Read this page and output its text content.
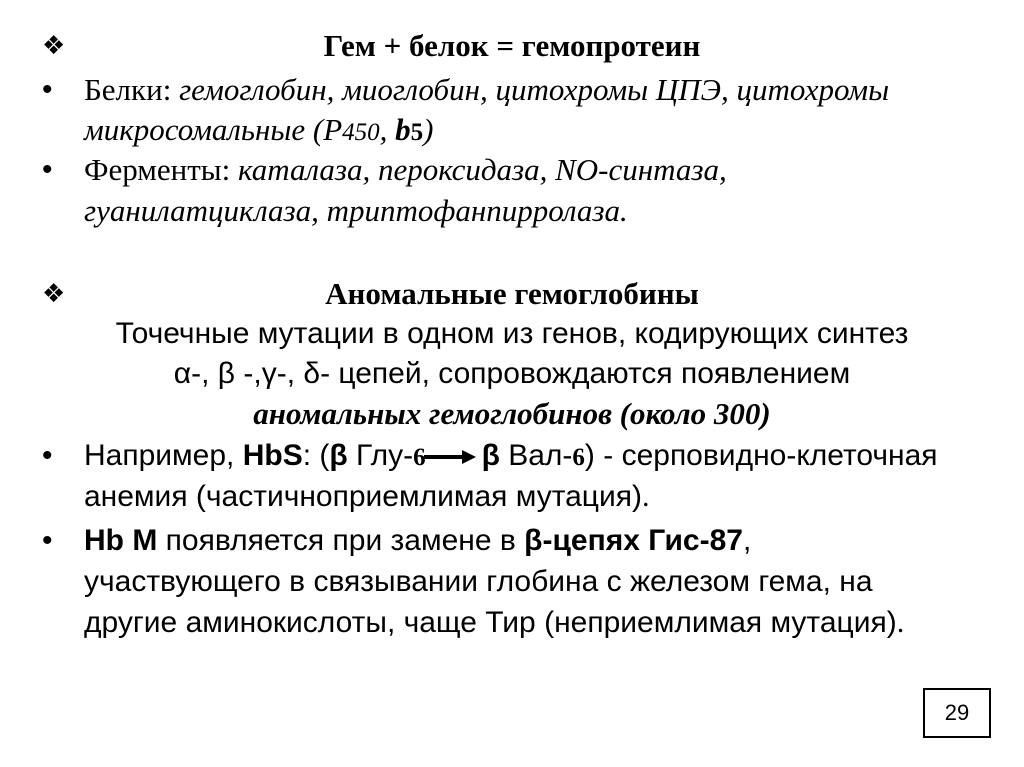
❖	Гем + белок = гемопротеин
• Белки: гемоглобин, миоглобин, цитохромы ЦПЭ, цитохромы
микросомальные (Р450, b5)
• Ферменты: каталаза, пероксидаза, NO-синтаза,
гуанилатциклаза, триптофанпирролаза.
❖	Аномальные гемоглобины
Точечные мутации в одном из генов, кодирующих синтез
α-, β -,γ-, δ- цепей, сопровождаются появлением
аномальных гемоглобинов (около 300)
• Например, HbS: (β Глу-6 β Вал-6) - серповидно-клеточная
анемия (частичноприемлимая мутация).
• Hb M появляется при замене в β-цепях Гис-87,
участвующего в связывании глобина с железом гема, на
другие аминокислоты, чаще Тир (неприемлимая мутация).
29
